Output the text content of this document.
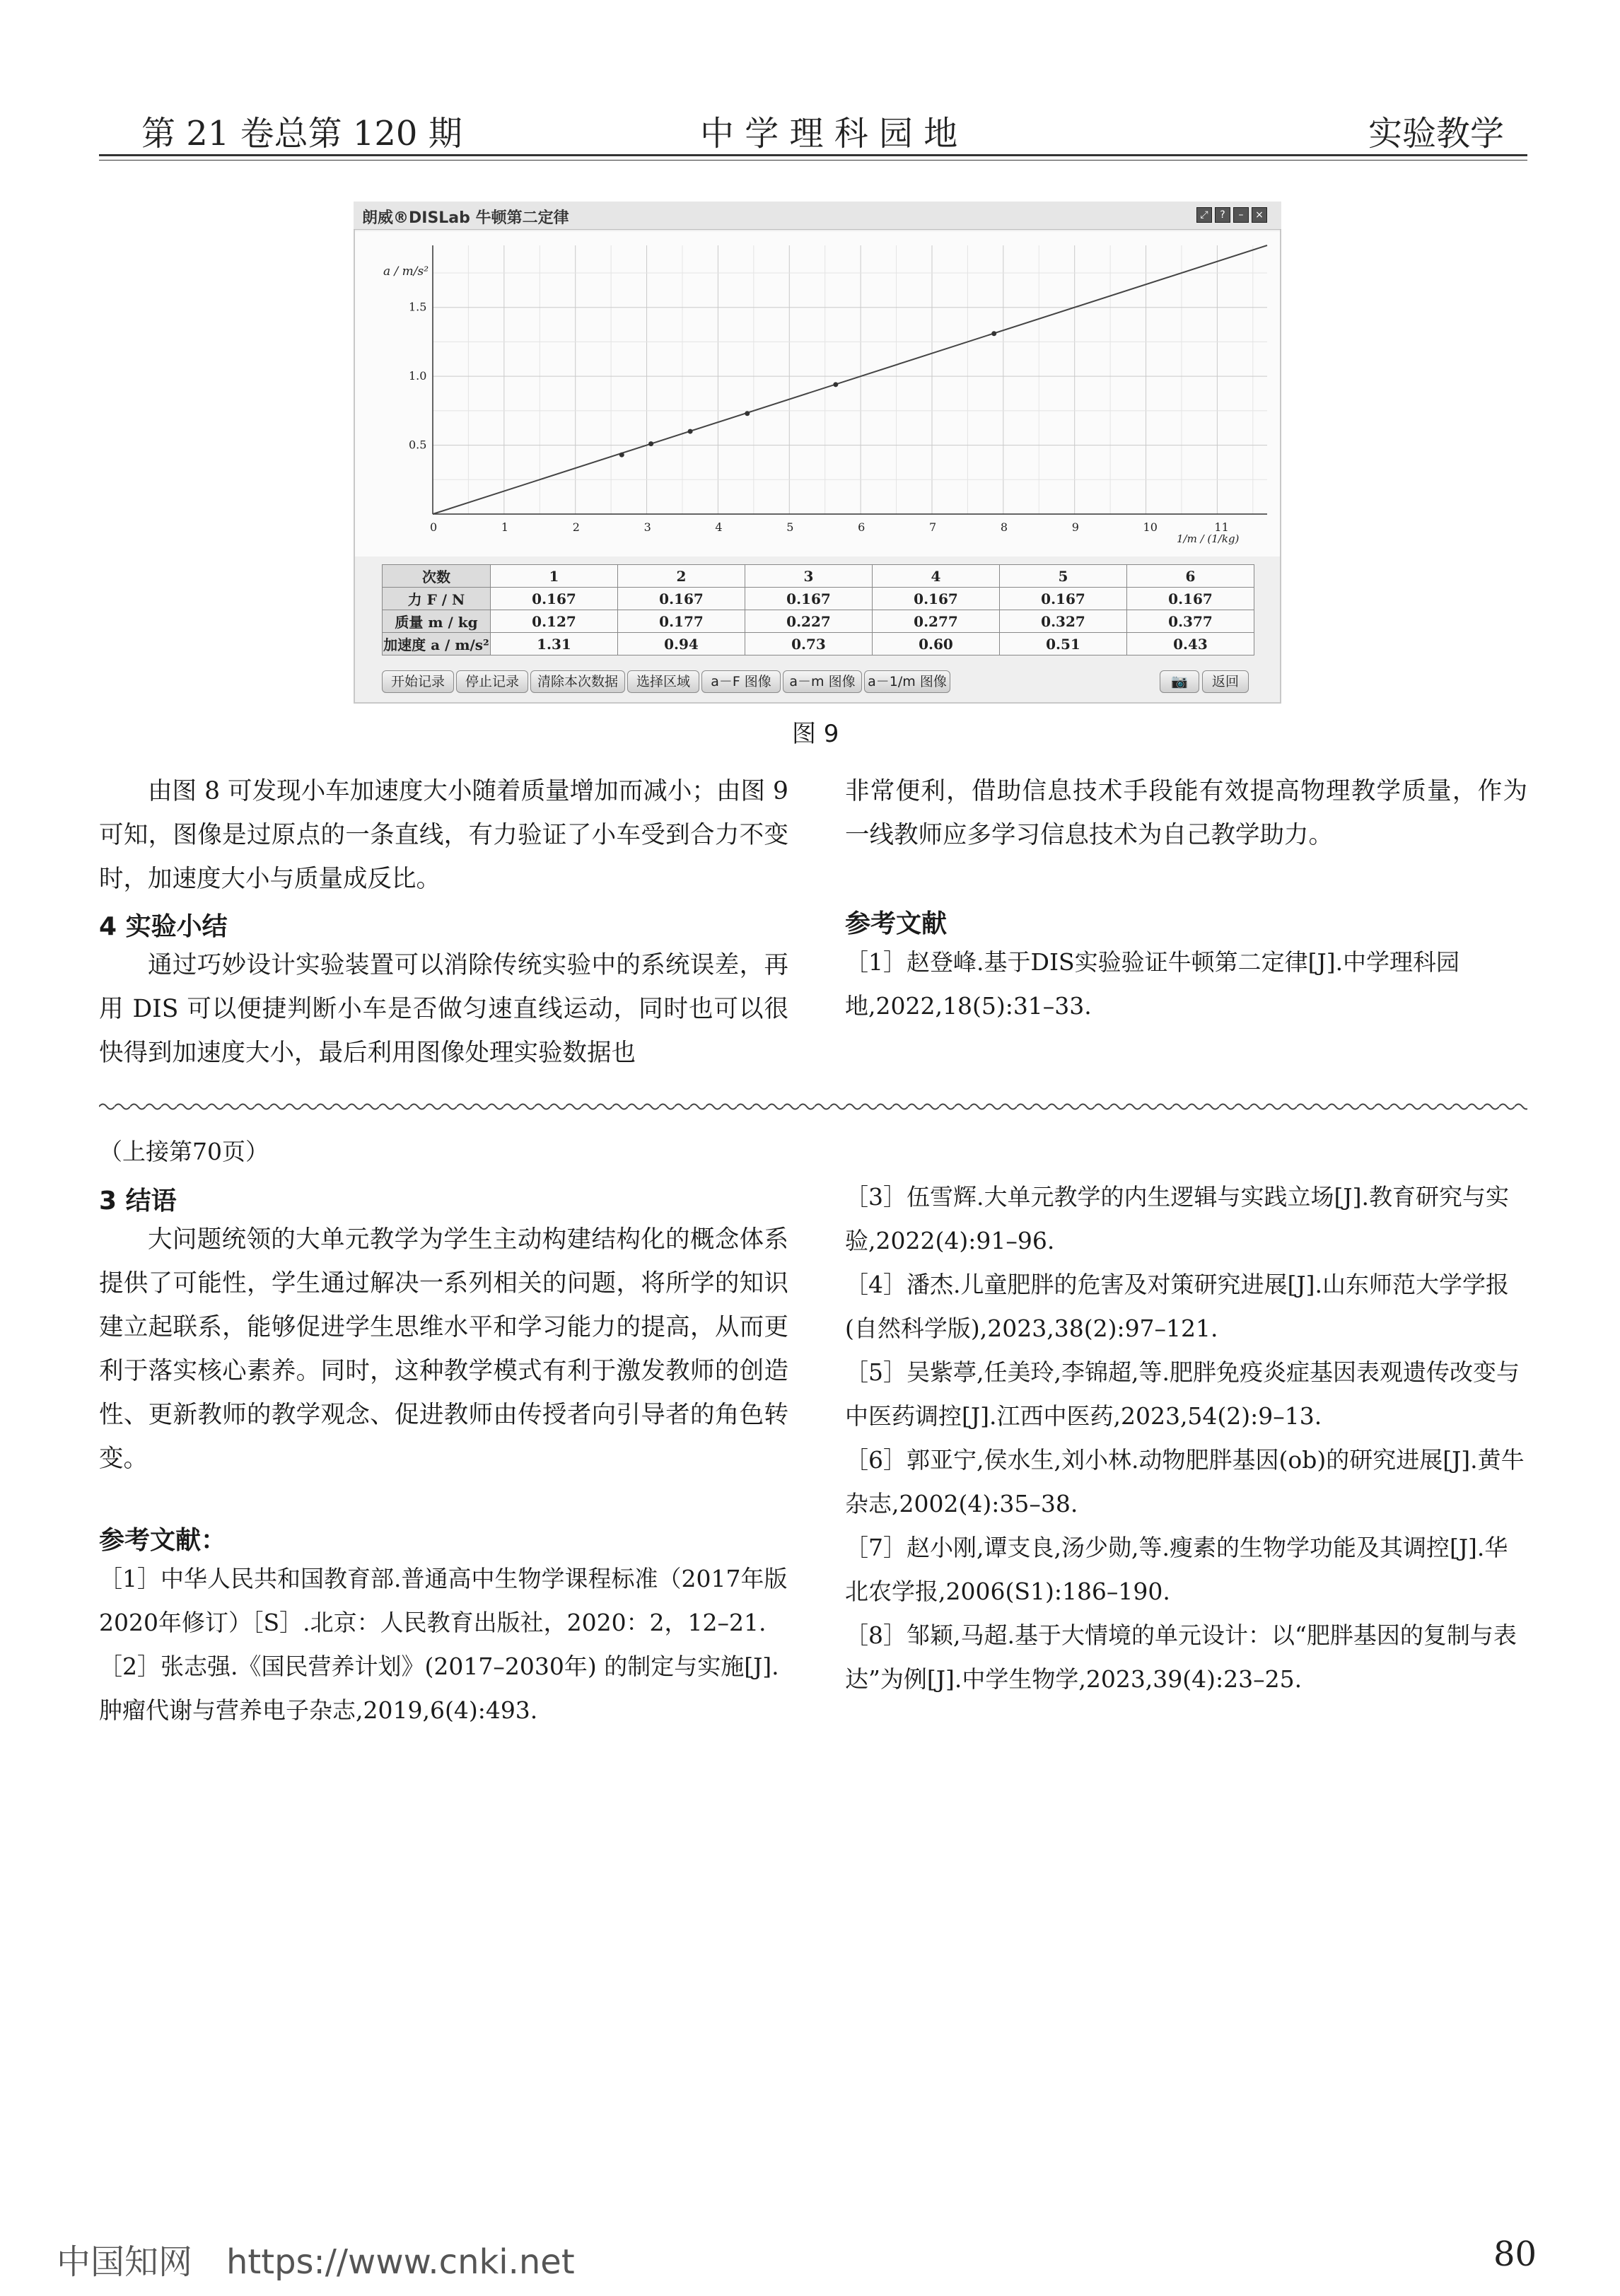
第 21 卷总第 120 期	中 学 理 科 园 地	实验教学
朗威®DISLab 牛顿第二定律	⤢	?	–	×
0	1	2	3	4	5	6	7	8	9	10	11
0.5
1.0
1.5
a / m/s²
1/m / (1/kg)
次数	1	2	3	4	5	6
力 F / N	0.167	0.167	0.167	0.167	0.167	0.167
质量 m / kg	0.127	0.177	0.227	0.277	0.327	0.377
加速度 a / m/s²	1.31	0.94	0.73	0.60	0.51	0.43
开始记录	停止记录	清除本次数据	选择区域	a－F 图像	a－m 图像 a－1/m 图像	📷	返回
图 9

由图 8 可发现小车加速度大小随着质量增加而减小；由图 9 可知，图像是过原点的一条直线，有力验证了小车受到合力不变时，加速度大小与质量成反比。

4 实验小结

通过巧妙设计实验装置可以消除传统实验中的系统误差，再用 DIS 可以便捷判断小车是否做匀速直线运动，同时也可以很快得到加速度大小，最后利用图像处理实验数据也

非常便利，借助信息技术手段能有效提高物理教学质量，作为一线教师应多学习信息技术为自己教学助力。

参考文献

［1］赵登峰.基于DIS实验验证牛顿第二定律[J].中学理科园地,2022,18(5):31–33.

（上接第70页）
3 结语

大问题统领的大单元教学为学生主动构建结构化的概念体系提供了可能性，学生通过解决一系列相关的问题，将所学的知识建立起联系，能够促进学生思维水平和学习能力的提高，从而更利于落实核心素养。同时，这种教学模式有利于激发教师的创造性、更新教师的教学观念、促进教师由传授者向引导者的角色转变。

参考文献：

［1］中华人民共和国教育部.普通高中生物学课程标准（2017年版2020年修订）［S］.北京：人民教育出版社，2020：2，12–21.

［2］张志强.《国民营养计划》(2017–2030年) 的制定与实施[J].肿瘤代谢与营养电子杂志,2019,6(4):493.

［3］伍雪辉.大单元教学的内生逻辑与实践立场[J].教育研究与实验,2022(4):91–96.

［4］潘杰.儿童肥胖的危害及对策研究进展[J].山东师范大学学报(自然科学版),2023,38(2):97–121.

［5］吴紫葶,任美玲,李锦超,等.肥胖免疫炎症基因表观遗传改变与中医药调控[J].江西中医药,2023,54(2):9–13.

［6］郭亚宁,侯水生,刘小林.动物肥胖基因(ob)的研究进展[J].黄牛杂志,2002(4):35–38.

［7］赵小刚,谭支良,汤少勋,等.瘦素的生物学功能及其调控[J].华北农学报,2006(S1):186–190.

［8］邹颖,马超.基于大情境的单元设计：以“肥胖基因的复制与表达”为例[J].中学生物学,2023,39(4):23–25.

中国知网　https://www.cnki.net	80
